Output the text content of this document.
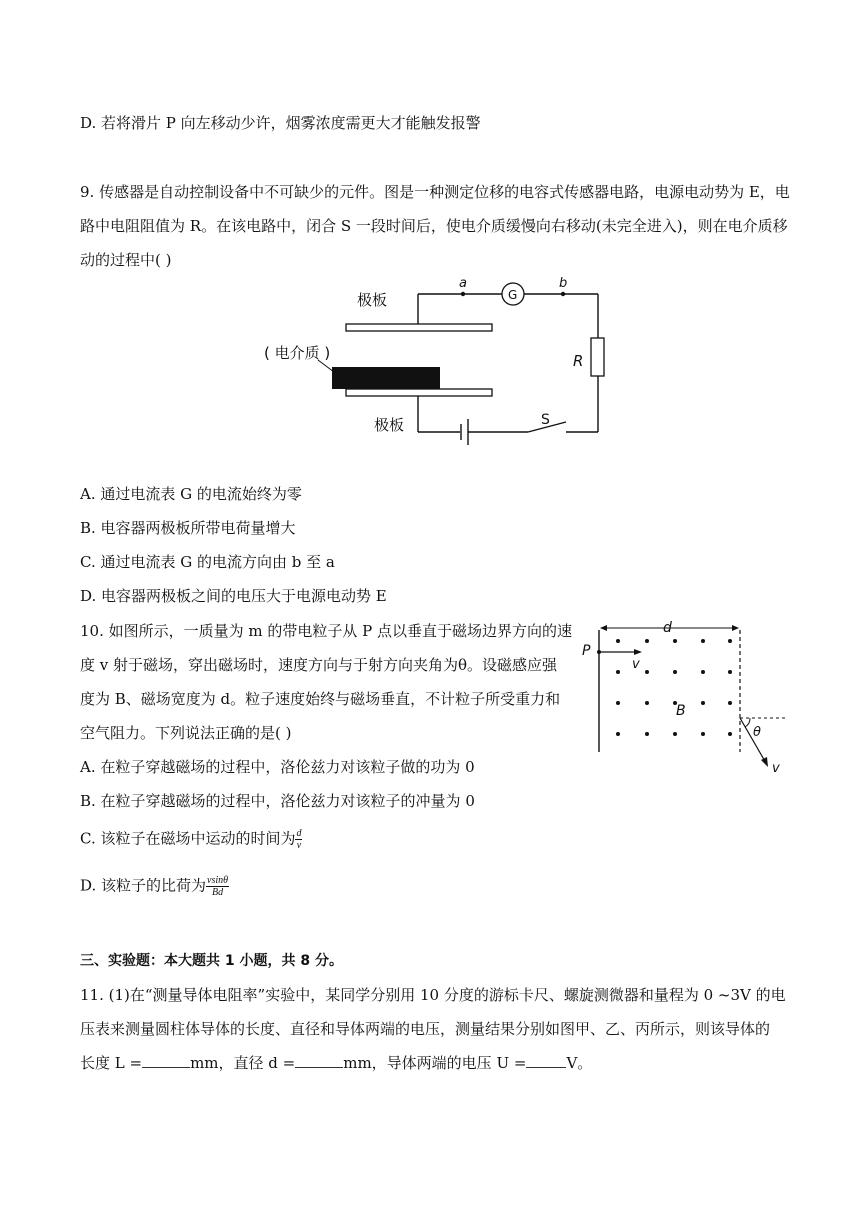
D. 若将滑片 P 向左移动少许，烟雾浓度需更大才能触发报警
9. 传感器是自动控制设备中不可缺少的元件。图是一种测定位移的电容式传感器电路，电源电动势为 E，电
路中电阻阻值为 R。在该电路中，闭合 S 一段时间后，使电介质缓慢向右移动(未完全进入)，则在电介质移
动的过程中( )
极板
极板
( 电介质 )
a	b
G
R
S
A. 通过电流表 G 的电流始终为零
B. 电容器两极板所带电荷量增大
C. 通过电流表 G 的电流方向由 b 至 a
D. 电容器两极板之间的电压大于电源电动势 E
10. 如图所示，一质量为 m 的带电粒子从 P 点以垂直于磁场边界方向的速
度 v 射于磁场，穿出磁场时，速度方向与于射方向夹角为θ。设磁感应强
度为 B、磁场宽度为 d。粒子速度始终与磁场垂直，不计粒子所受重力和
空气阻力。下列说法正确的是( )
d
P
v
B
θ
v
A. 在粒子穿越磁场的过程中，洛伦兹力对该粒子做的功为 0
B. 在粒子穿越磁场的过程中，洛伦兹力对该粒子的冲量为 0
C. 该粒子在磁场中运动的时间为 $\frac{d}{v}$
D. 该粒子的比荷为 $\frac{vsin\theta}{Bd}$
三、实验题：本大题共 1 小题，共 8 分。
11. (1)在“测量导体电阻率”实验中，某同学分别用 10 分度的游标卡尺、螺旋测微器和量程为 0 ~3V 的电
压表来测量圆柱体导体的长度、直径和导体两端的电压，测量结果分别如图甲、乙、丙所示，则该导体的
长度 L =	mm，直径 d =	mm，导体两端的电压 U =	V。
